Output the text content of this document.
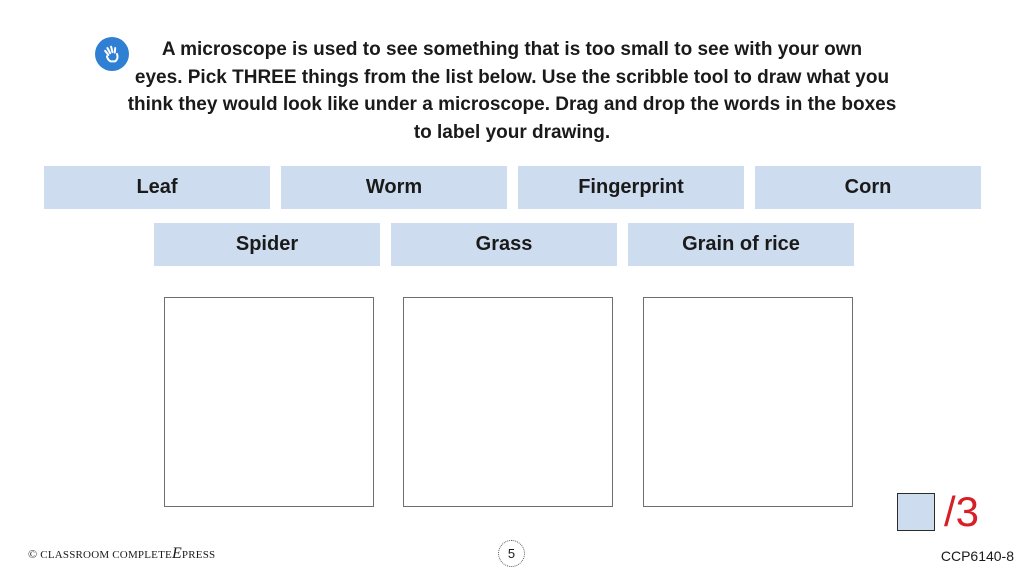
A microscope is used to see something that is too small to see with your own
eyes. Pick THREE things from the list below. Use the scribble tool to draw what you
think they would look like under a microscope. Drag and drop the words in the boxes
to label your drawing.
Leaf	Worm	Fingerprint	Corn
Spider	Grass	Grain of rice
/3
© CLASSROOM COMPLETEEPRESS	5	CCP6140-8
